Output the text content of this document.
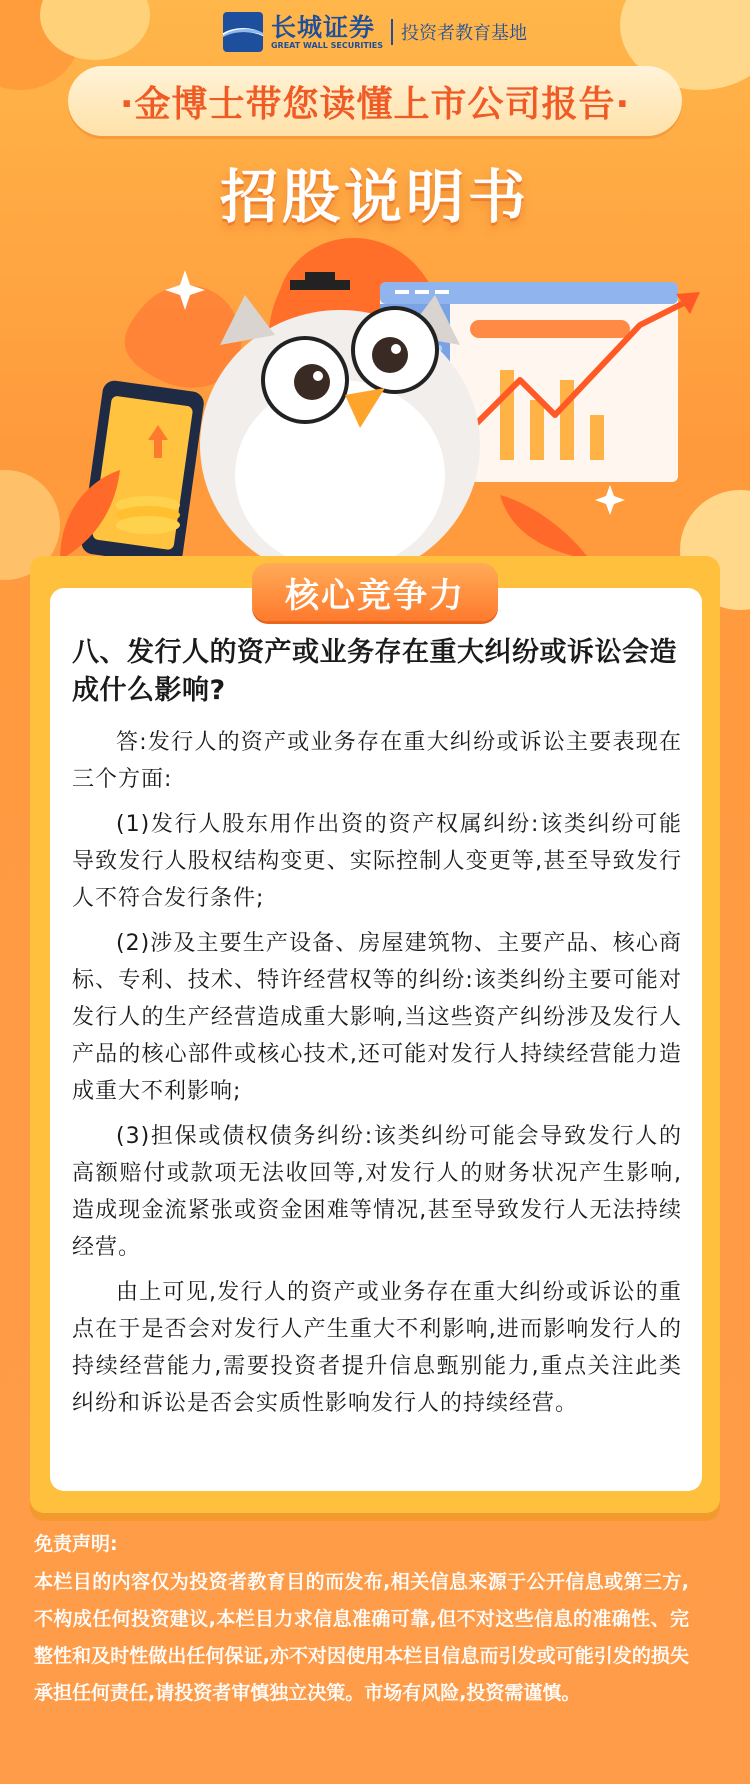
长城证券
GREAT WALL SECURITIES
投资者教育基地
·金博士带您读懂上市公司报告·
招股说明书
核心竞争力

八、发行人的资产或业务存在重大纠纷或诉讼会造成什么影响?

答:发行人的资产或业务存在重大纠纷或诉讼主要表现在三个方面:

(1)发行人股东用作出资的资产权属纠纷:该类纠纷可能导致发行人股权结构变更、实际控制人变更等,甚至导致发行人不符合发行条件;

(2)涉及主要生产设备、房屋建筑物、主要产品、核心商标、专利、技术、特许经营权等的纠纷:该类纠纷主要可能对发行人的生产经营造成重大影响,当这些资产纠纷涉及发行人产品的核心部件或核心技术,还可能对发行人持续经营能力造成重大不利影响;

(3)担保或债权债务纠纷:该类纠纷可能会导致发行人的高额赔付或款项无法收回等,对发行人的财务状况产生影响,造成现金流紧张或资金困难等情况,甚至导致发行人无法持续经营。

由上可见,发行人的资产或业务存在重大纠纷或诉讼的重点在于是否会对发行人产生重大不利影响,进而影响发行人的持续经营能力,需要投资者提升信息甄别能力,重点关注此类纠纷和诉讼是否会实质性影响发行人的持续经营。

免责声明:

本栏目的内容仅为投资者教育目的而发布,相关信息来源于公开信息或第三方,不构成任何投资建议,本栏目力求信息准确可靠,但不对这些信息的准确性、完整性和及时性做出任何保证,亦不对因使用本栏目信息而引发或可能引发的损失承担任何责任,请投资者审慎独立决策。市场有风险,投资需谨慎。
